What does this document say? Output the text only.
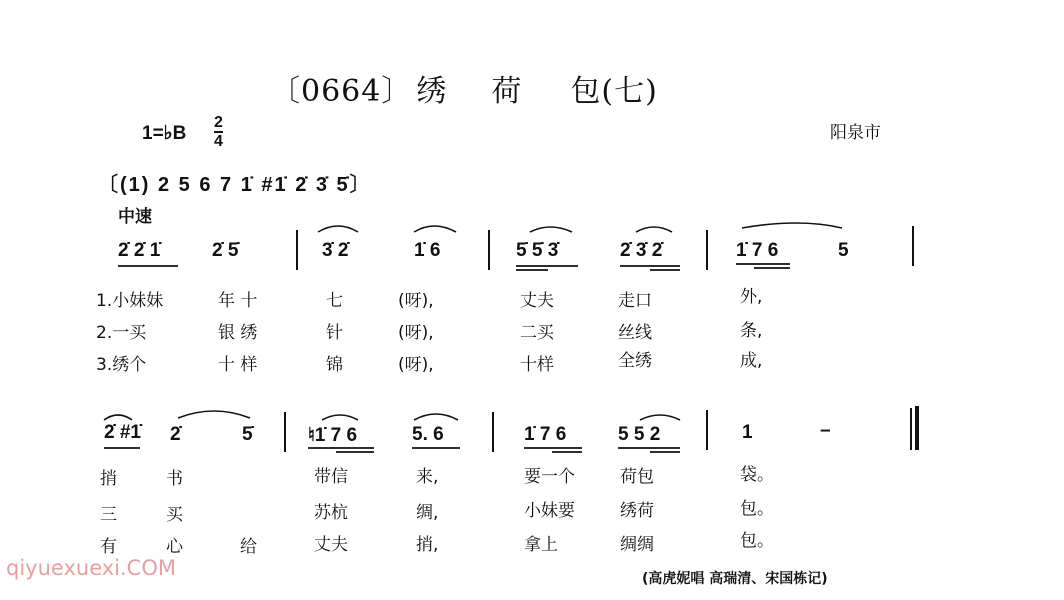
〔0664〕 绣 荷 包(七)
1=♭B
2
4	阳泉市
〔(1) 2 5 6 7 1̇ #1̇ 2̇ 3̇ 5̇〕
中速
2̇ 2̇ 1̇	2̇ 5̇	3̇ 2̇	1̇ 6	5̇ 5̇ 3̇	2̇ 3̇ 2̇	1̇ 7 6	5
1.小妹妹	年 十	七	(呀),	丈夫	走口	外,
2.一买	银 绣	针	(呀),	二买	丝线	条,
3.绣个	十 样	锦	(呀),	十样	全绣	成,
2̇ #1̇ 2̇	5̇	♮1̇ 7 6	5. 6	1̇ 7 6	5 5 2	1	–
捎	书	带信	来,	要一个	荷包	袋。
三	买	苏杭	绸,	小妹要	绣荷	包。
有	心	给	丈夫	捎,	拿上	绸绸	包。
(高虎妮唱 高瑞清、宋国栋记)
qiyuexuexi.COM
